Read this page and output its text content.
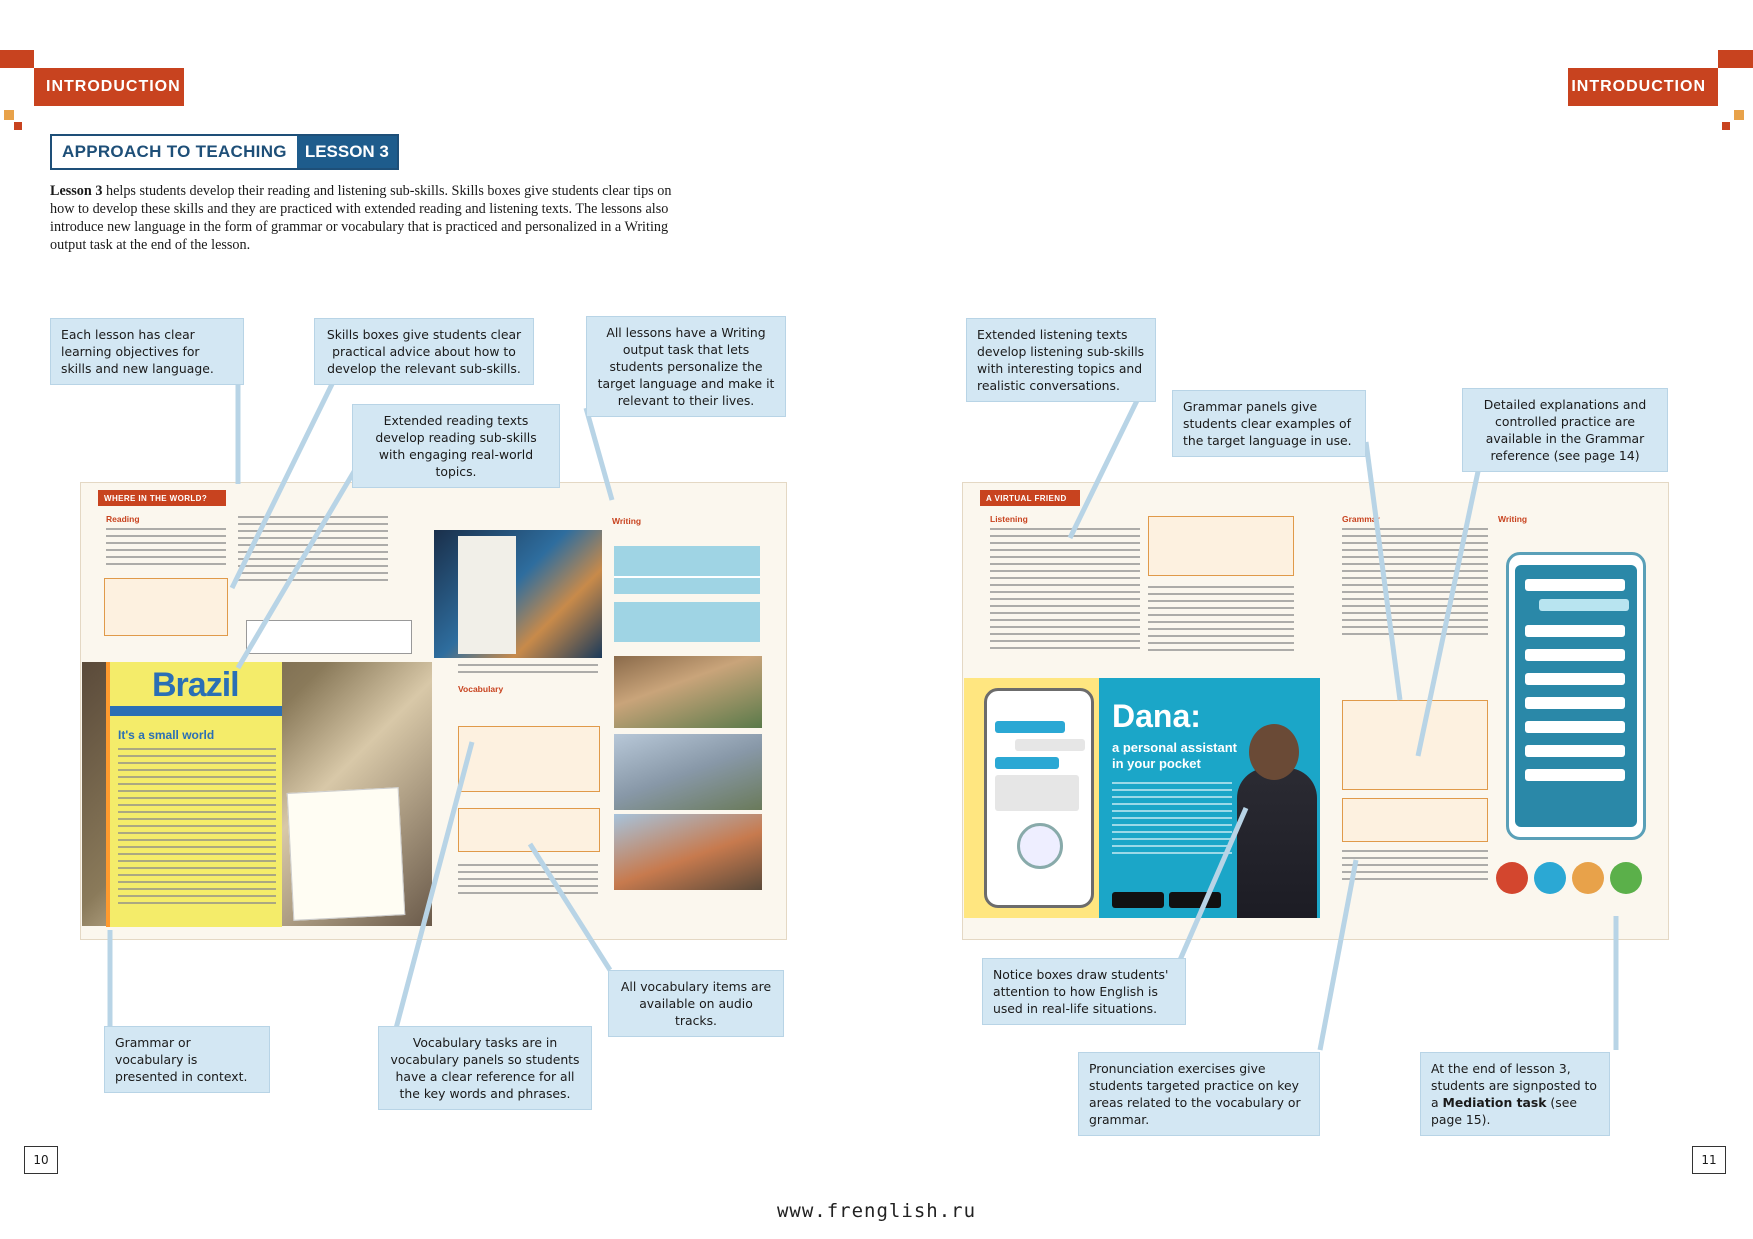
INTRODUCTION	INTRODUCTION
APPROACH TO TEACHING	LESSON 3

Lesson 3 helps students develop their reading and listening sub-skills. Skills boxes give students clear tips on how to develop these skills and they are practiced with extended reading and listening texts. The lessons also introduce new language in the form of grammar or vocabulary that is practiced and personalized in a Writing output task at the end of the lesson.

WHERE IN THE WORLD?
Reading	Writing
Brazil
It's a small world
Vocabulary
A VIRTUAL FRIEND
Listening
Dana:
a personal assistant in your pocket
Grammar	Writing
Each lesson has clear learning objectives for skills and new language.
Skills boxes give students clear practical advice about how to develop the relevant sub-skills.
All lessons have a Writing output task that lets students personalize the target language and make it relevant to their lives.
Extended reading texts develop reading sub-skills with engaging real-world topics.
All vocabulary items are available on audio tracks.
Grammar or vocabulary is presented in context.
Vocabulary tasks are in vocabulary panels so students have a clear reference for all the key words and phrases.
Extended listening texts develop listening sub-skills with interesting topics and realistic conversations.
Grammar panels give students clear examples of the target language in use.
Detailed explanations and controlled practice are available in the Grammar reference (see page 14)
Notice boxes draw students' attention to how English is used in real-life situations.
Pronunciation exercises give students targeted practice on key areas related to the vocabulary or grammar.
At the end of lesson 3, students are signposted to a Mediation task (see page 15).
10	11
www.frenglish.ru
